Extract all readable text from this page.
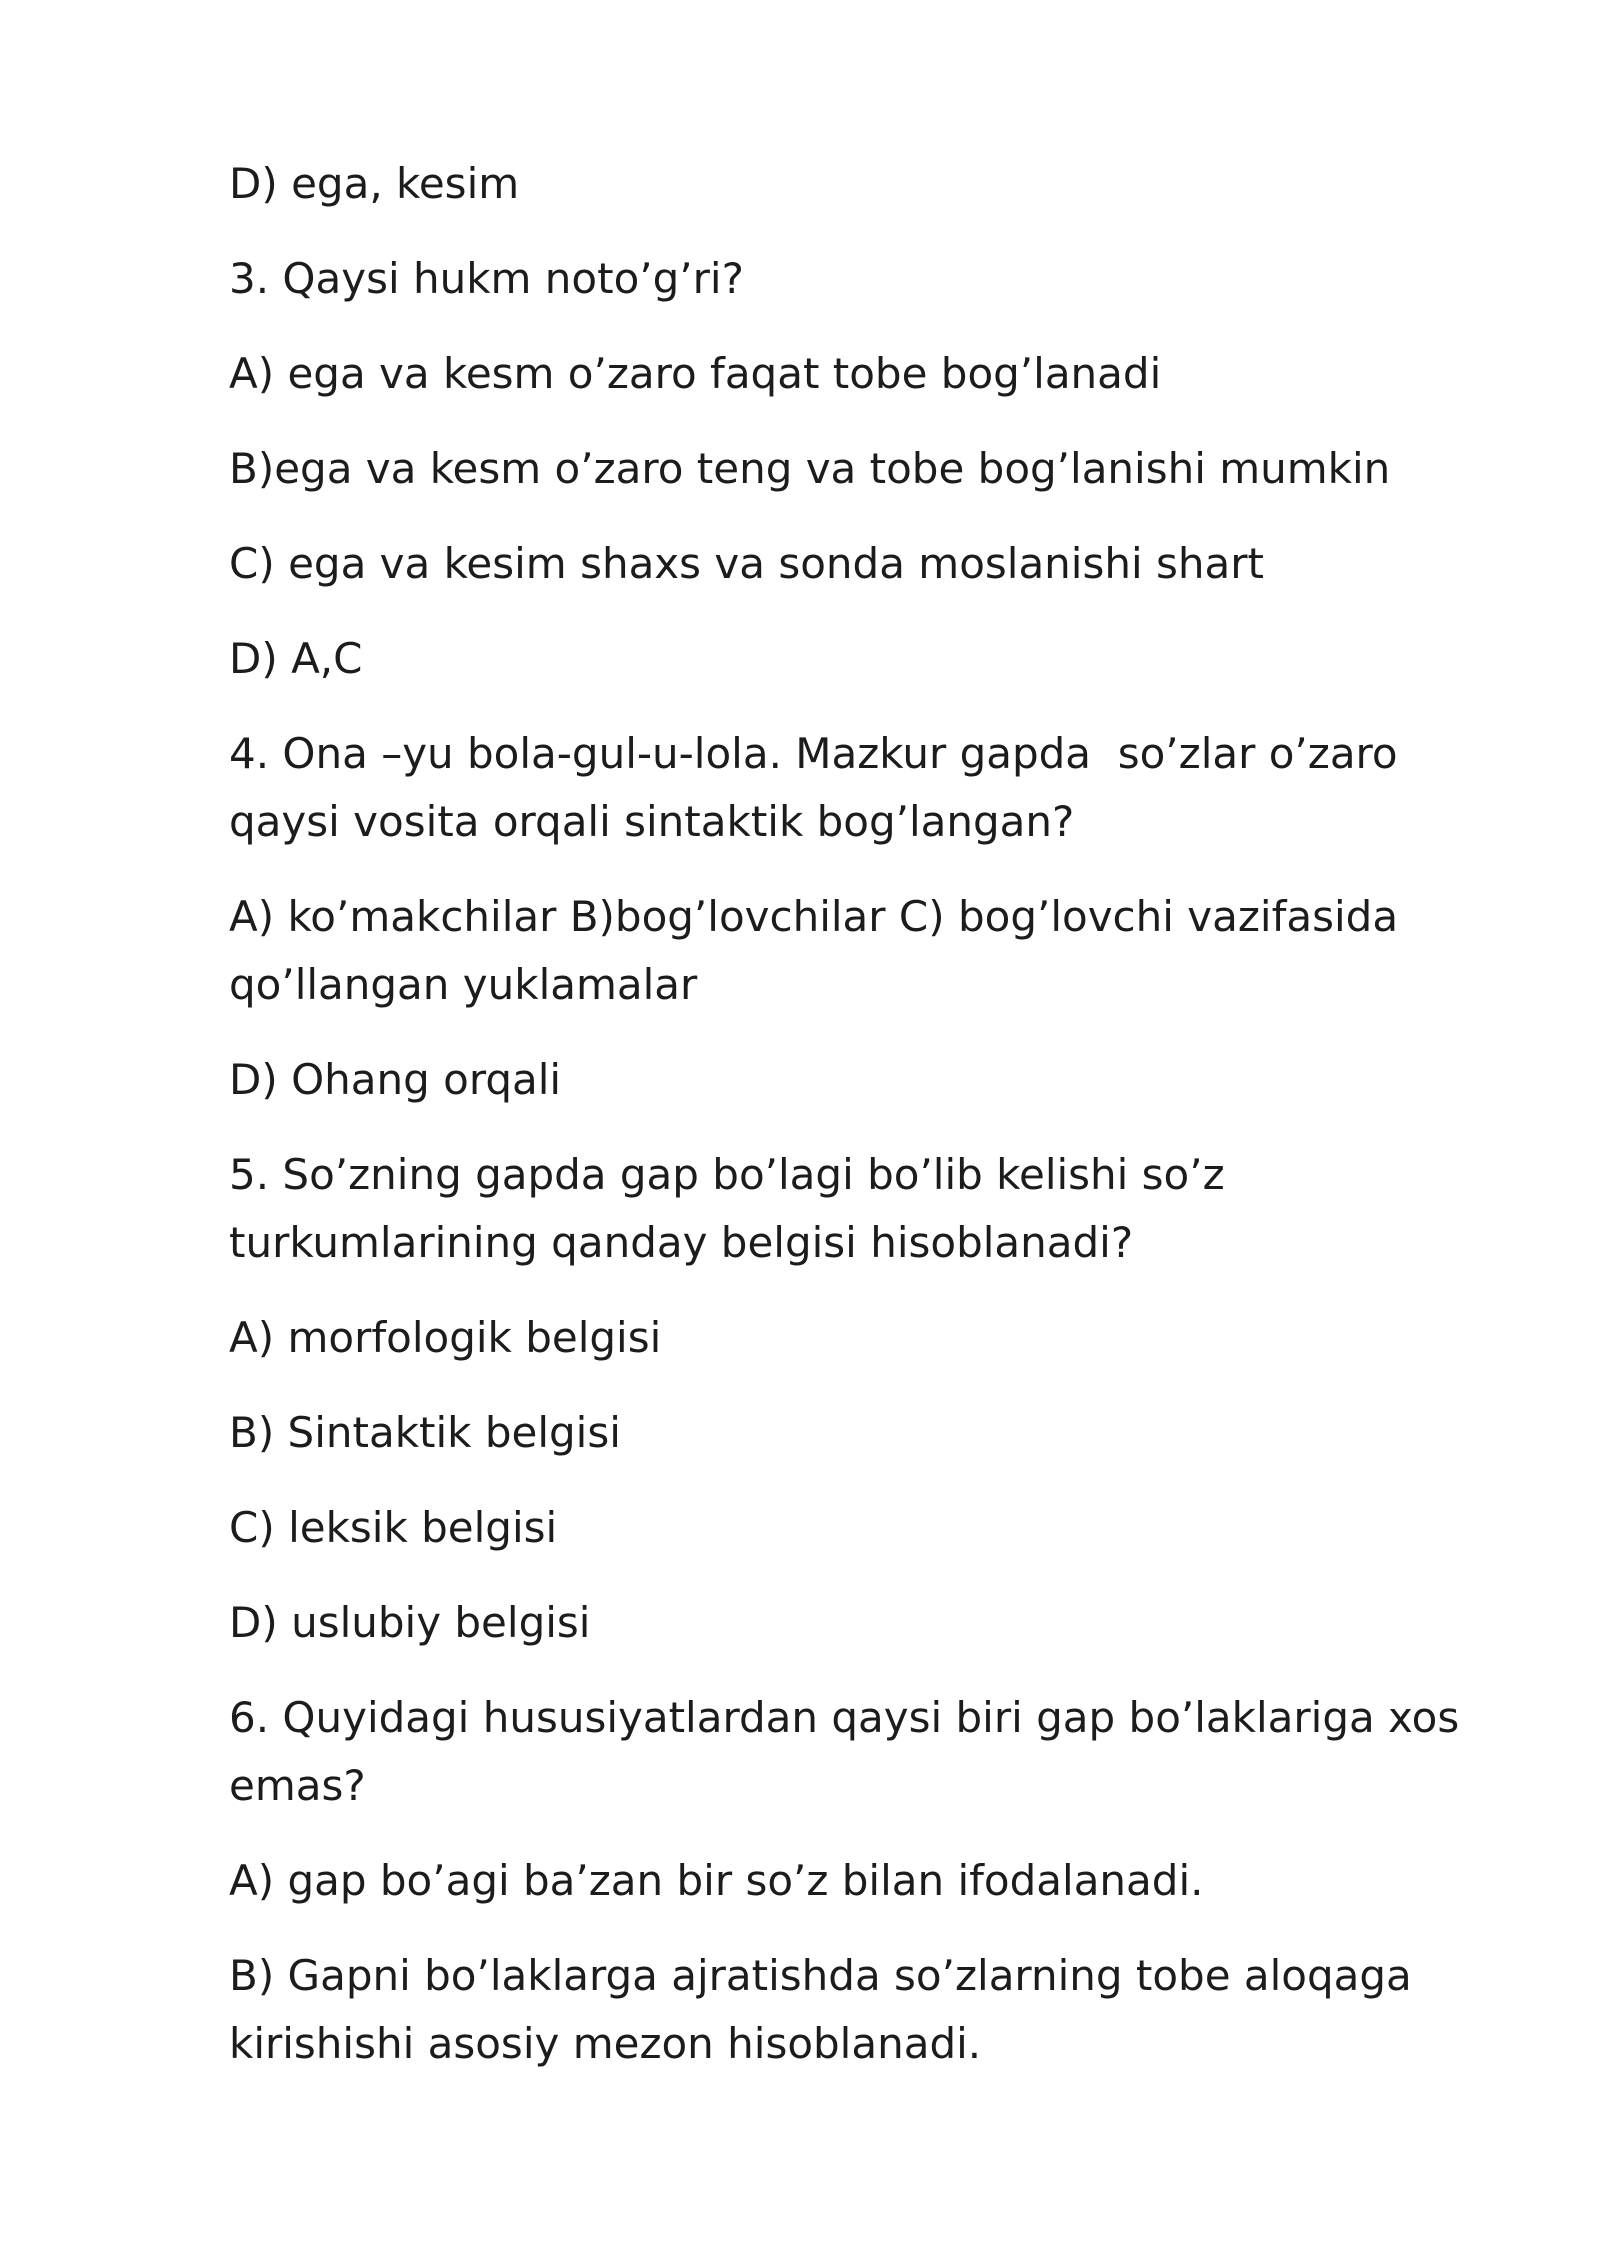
D) ega, kesim
3. Qaysi hukm noto’g’ri?
A) ega va kesm o’zaro faqat tobe bog’lanadi
B)ega va kesm o’zaro teng va tobe bog’lanishi mumkin
C) ega va kesim shaxs va sonda moslanishi shart
D) A,C
4. Ona –yu bola-gul-u-lola. Mazkur gapda  so’zlar o’zaro qaysi vosita orqali sintaktik bog’langan?
A) ko’makchilar B)bog’lovchilar C) bog’lovchi vazifasida qo’llangan yuklamalar
D) Ohang orqali
5. So’zning gapda gap bo’lagi bo’lib kelishi so’z turkumlarining qanday belgisi hisoblanadi?
A) morfologik belgisi
B) Sintaktik belgisi
C) leksik belgisi
D) uslubiy belgisi
6. Quyidagi hususiyatlardan qaysi biri gap bo’laklariga xos emas?
A) gap bo’agi ba’zan bir so’z bilan ifodalanadi.
B) Gapni bo’laklarga ajratishda so’zlarning tobe aloqaga kirishishi asosiy mezon hisoblanadi.
